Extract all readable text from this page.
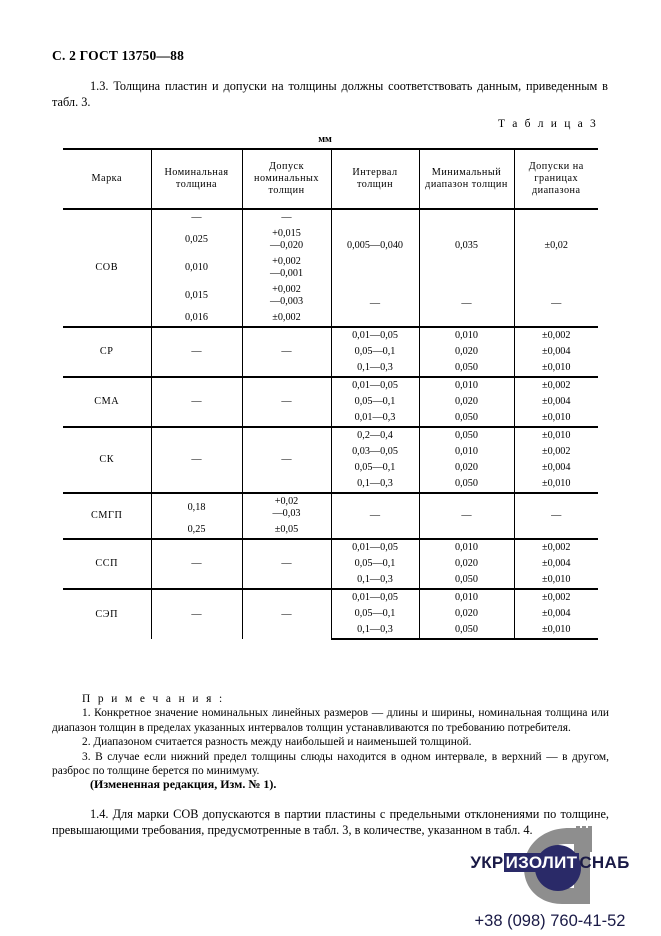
С. 2 ГОСТ 13750—88
1.3. Толщина пластин и допуски на толщины должны соответствовать данным, приведенным в табл. 3.
Т а б л и ц а 3
мм
Марка	Номинальная толщина	Допуск номинальных толщин	Интервал толщин	Минимальный диапазон толщин	Допуски на границах диапазона
СОВ	—	—	0,005—0,040	0,035	±0,02
	0,025	+0,015
—0,020			
	0,010	+0,002
—0,001			
	0,015	+0,002
—0,003	—	—	—
	0,016	±0,002			
СР	—	—	0,01—0,05	0,010	±0,002
			0,05—0,1	0,020	±0,004
			0,1—0,3	0,050	±0,010
СМА	—	—	0,01—0,05	0,010	±0,002
			0,05—0,1	0,020	±0,004
			0,01—0,3	0,050	±0,010
СК	—	—	0,2—0,4	0,050	±0,010
			0,03—0,05	0,010	±0,002
			0,05—0,1	0,020	±0,004
			0,1—0,3	0,050	±0,010
СМГП	0,18	+0,02
—0,03	—	—	—
	0,25	±0,05			
ССП	—	—	0,01—0,05	0,010	±0,002
			0,05—0,1	0,020	±0,004
			0,1—0,3	0,050	±0,010
СЭП	—	—	0,01—0,05	0,010	±0,002
			0,05—0,1	0,020	±0,004
			0,1—0,3	0,050	±0,010
П р и м е ч а н и я :
1. Конкретное значение номинальных линейных размеров — длины и ширины, номинальная толщина или диапазон толщин в пределах указанных интервалов толщин устанавливаются по требованию потребителя.
2. Диапазоном считается разность между наибольшей и наименьшей толщиной.
3. В случае если нижний предел толщины слюды находится в одном интервале, в верхний — в другом, разброс по толщине берется по минимуму.
(Измененная редакция, Изм. № 1).
1.4. Для марки СОВ допускаются в партии пластины с предельными отклонениями по толщине, превышающими требования, предусмотренные в табл. 3, в количестве, указанном в табл. 4.
УКР ИЗОЛИТ СНАБ
+38 (098) 760-41-52
